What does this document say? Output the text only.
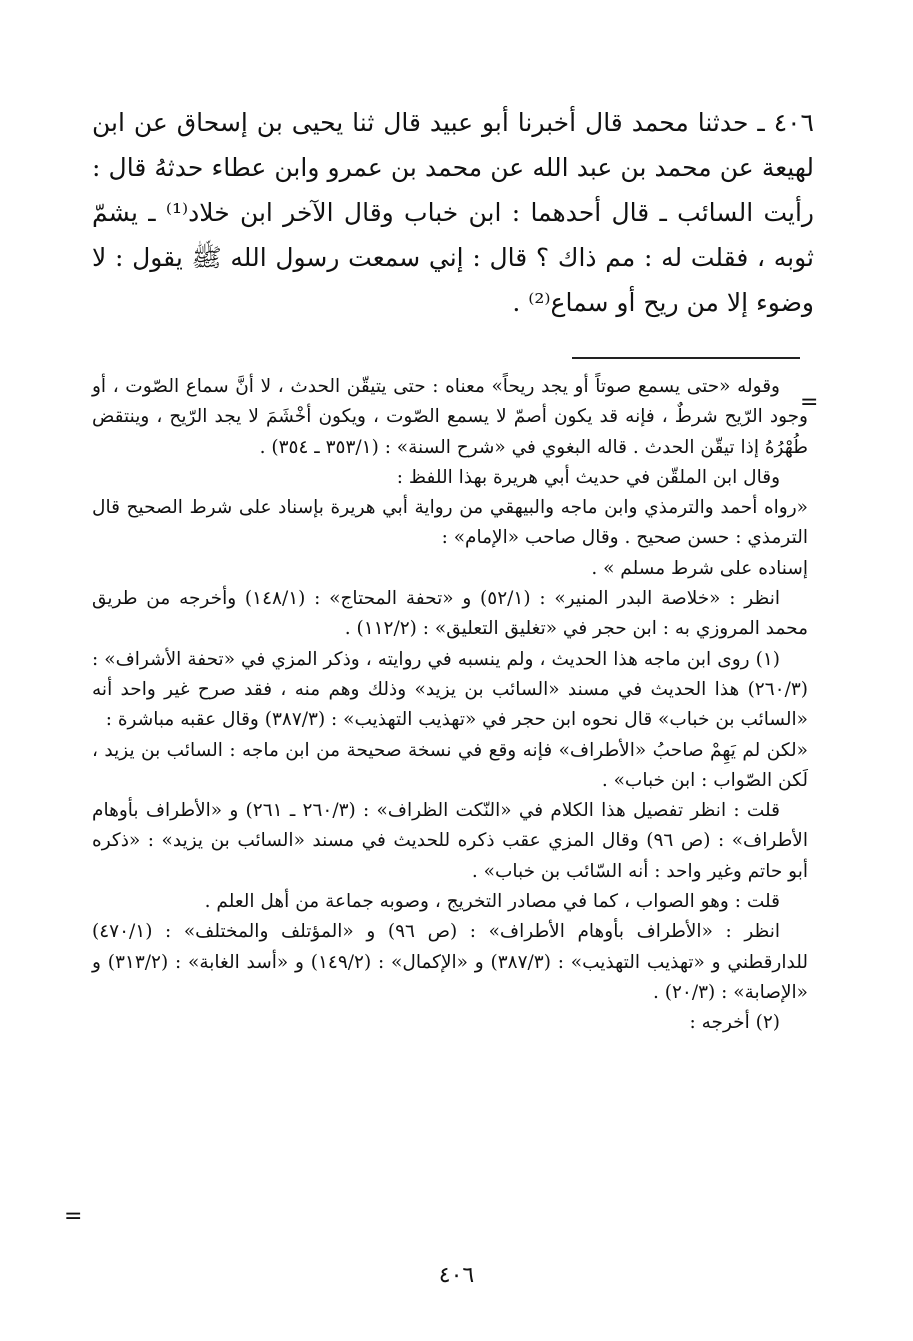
٤٠٦ ـ حدثنا محمد قال أخبرنا أبو عبيد قال ثنا يحيى بن إسحاق عن ابن لهيعة عن محمد بن عبد الله عن محمد بن عمرو وابن عطاء حدثهُ قال : رأيت السائب ـ قال أحدهما : ابن خباب وقال الآخر ابن خلاد⁽¹⁾ ـ يشمّ ثوبه ، فقلت له : مم ذاك ؟ قال : إني سمعت رسول الله ﷺ يقول : لا وضوء إلا من ريح أو سماع⁽²⁾ .

=

وقوله «حتى يسمع صوتاً أو يجد ريحاً» معناه : حتى يتيقّن الحدث ، لا أنَّ سماع الصّوت ، أو وجود الرّيح شرطٌ ، فإنه قد يكون أصمّ لا يسمع الصّوت ، ويكون أخْشَمَ لا يجد الرّيح ، وينتقض طُهْرُهُ إذا تيقّن الحدث . قاله البغوي في «شرح السنة» : (٣٥٣/١ ـ ٣٥٤) .

وقال ابن الملقّن في حديث أبي هريرة بهذا اللفظ :

«رواه أحمد والترمذي وابن ماجه والبيهقي من رواية أبي هريرة بإسناد على شرط الصحيح قال الترمذي : حسن صحيح . وقال صاحب «الإمام» :

إسناده على شرط مسلم » .

انظر : «خلاصة البدر المنير» : (٥٢/١) و «تحفة المحتاج» : (١٤٨/١) وأخرجه من طريق محمد المروزي به : ابن حجر في «تغليق التعليق» : (١١٢/٢) .

(١) روى ابن ماجه هذا الحديث ، ولم ينسبه في روايته ، وذكر المزي في «تحفة الأشراف» : (٢٦٠/٣) هذا الحديث في مسند «السائب بن يزيد» وذلك وهم منه ، فقد صرح غير واحد أنه «السائب بن خباب» قال نحوه ابن حجر في «تهذيب التهذيب» : (٣٨٧/٣) وقال عقبه مباشرة :

«لكن لم يَهِمْ صاحبُ «الأطراف» فإنه وقع في نسخة صحيحة من ابن ماجه : السائب بن يزيد ، لَكن الصّواب : ابن خباب» .

قلت : انظر تفصيل هذا الكلام في «النّكت الظراف» : (٢٦٠/٣ ـ ٢٦١) و «الأطراف بأوهام الأطراف» : (ص ٩٦) وقال المزي عقب ذكره للحديث في مسند «السائب بن يزيد» : «ذكره أبو حاتم وغير واحد : أنه السّائب بن خباب» .

قلت : وهو الصواب ، كما في مصادر التخريج ، وصوبه جماعة من أهل العلم .

انظر : «الأطراف بأوهام الأطراف» : (ص ٩٦) و «المؤتلف والمختلف» : (٤٧٠/١) للدارقطني و «تهذيب التهذيب» : (٣٨٧/٣) و «الإكمال» : (١٤٩/٢) و «أسد الغابة» : (٣١٣/٢) و «الإصابة» : (٢٠/٣) .

(٢) أخرجه :

=
٤٠٦
